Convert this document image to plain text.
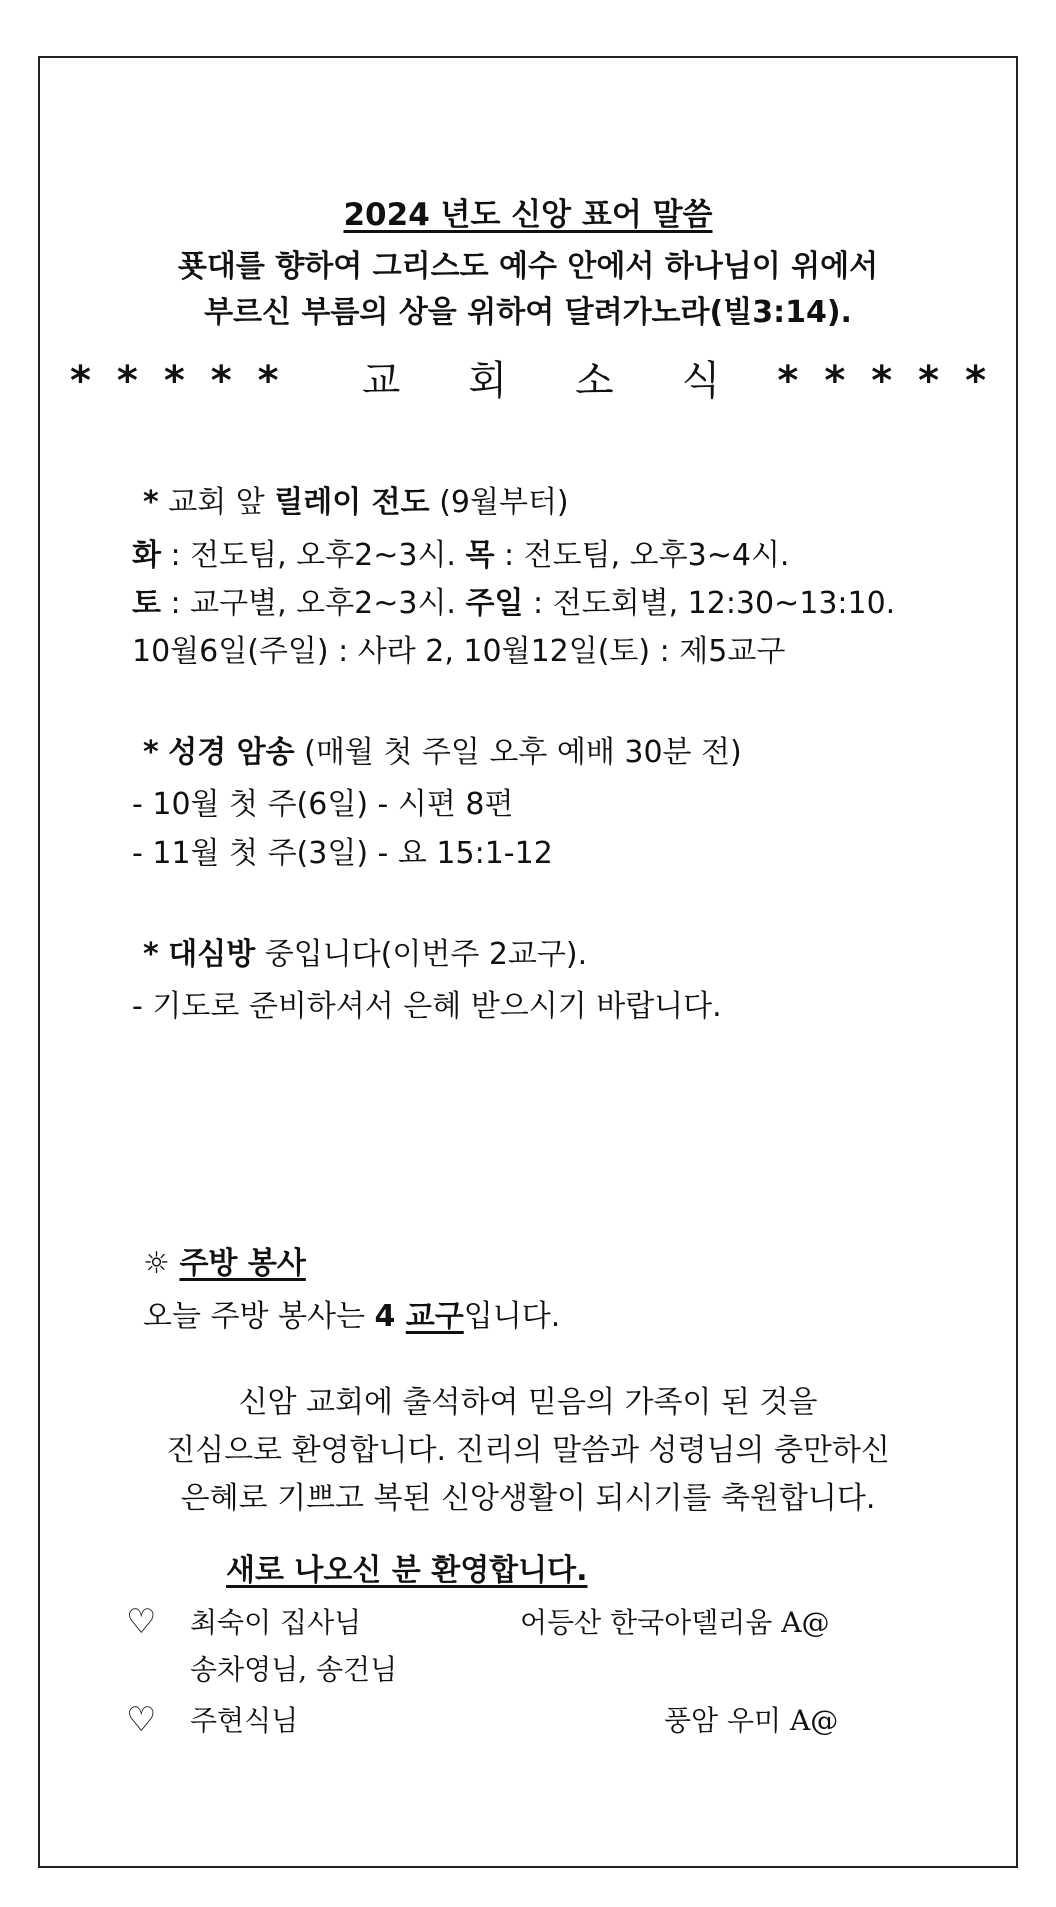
2024 년도 신앙 표어 말씀
푯대를 향하여 그리스도 예수 안에서 하나님이 위에서
부르신 부름의 상을 위하여 달려가노라(빌3:14).
***** 교 회 소 식 *****
* 교회 앞 릴레이 전도 (9월부터)
화 : 전도팀, 오후2~3시. 목 : 전도팀, 오후3~4시.
토 : 교구별, 오후2~3시. 주일 : 전도회별, 12:30~13:10.
10월6일(주일) : 사라 2, 10월12일(토) : 제5교구
* 성경 암송 (매월 첫 주일 오후 예배 30분 전)
- 10월 첫 주(6일) - 시편 8편
- 11월 첫 주(3일) - 요 15:1-12
* 대심방 중입니다(이번주 2교구).
- 기도로 준비하셔서 은혜 받으시기 바랍니다.
☼ 주방 봉사
오늘 주방 봉사는 4 교구입니다.
신암 교회에 출석하여 믿음의 가족이 된 것을
진심으로 환영합니다. 진리의 말씀과 성령님의 충만하신
은혜로 기쁘고 복된 신앙생활이 되시기를 축원합니다.
새로 나오신 분 환영합니다.
♡ 최숙이 집사님	어등산 한국아델리움 A@
송차영님, 송건님
♡ 주현식님	풍암 우미 A@
